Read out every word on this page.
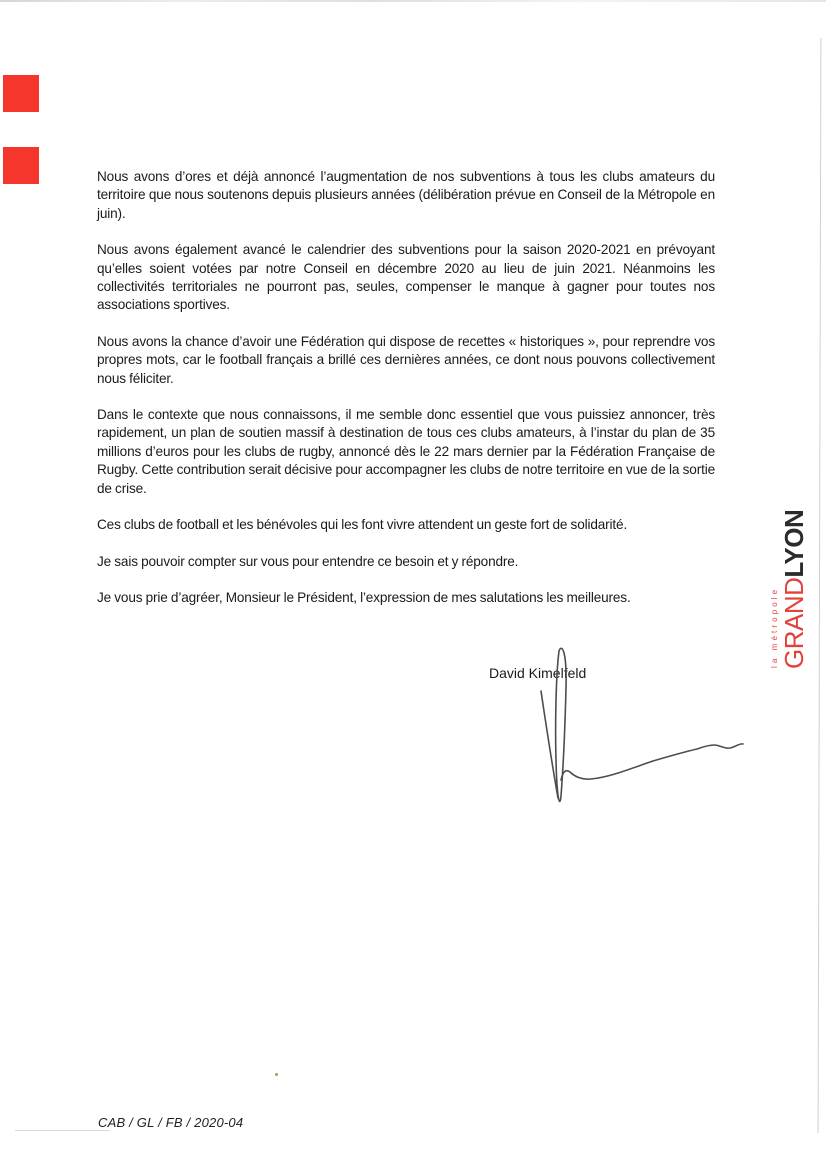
Nous avons d’ores et déjà annoncé l’augmentation de nos subventions à tous les clubs amateurs du territoire que nous soutenons depuis plusieurs années (délibération prévue en Conseil de la Métropole en juin).

Nous avons également avancé le calendrier des subventions pour la saison 2020-2021 en prévoyant qu’elles soient votées par notre Conseil en décembre 2020 au lieu de juin 2021. Néanmoins les collectivités territoriales ne pourront pas, seules, compenser le manque à gagner pour toutes nos associations sportives.

Nous avons la chance d’avoir une Fédération qui dispose de recettes « historiques », pour reprendre vos propres mots, car le football français a brillé ces dernières années, ce dont nous pouvons collectivement nous féliciter.

Dans le contexte que nous connaissons, il me semble donc essentiel que vous puissiez annoncer, très rapidement, un plan de soutien massif à destination de tous ces clubs amateurs, à l’instar du plan de 35 millions d’euros pour les clubs de rugby, annoncé dès le 22 mars dernier par la Fédération Française de Rugby. Cette contribution serait décisive pour accompagner les clubs de notre territoire en vue de la sortie de crise.

Ces clubs de football et les bénévoles qui les font vivre attendent un geste fort de solidarité.

Je sais pouvoir compter sur vous pour entendre ce besoin et y répondre.

Je vous prie d’agréer, Monsieur le Président, l’expression de mes salutations les meilleures.

David Kimelfeld
la métropole GRANDLYON
CAB / GL / FB / 2020-04
